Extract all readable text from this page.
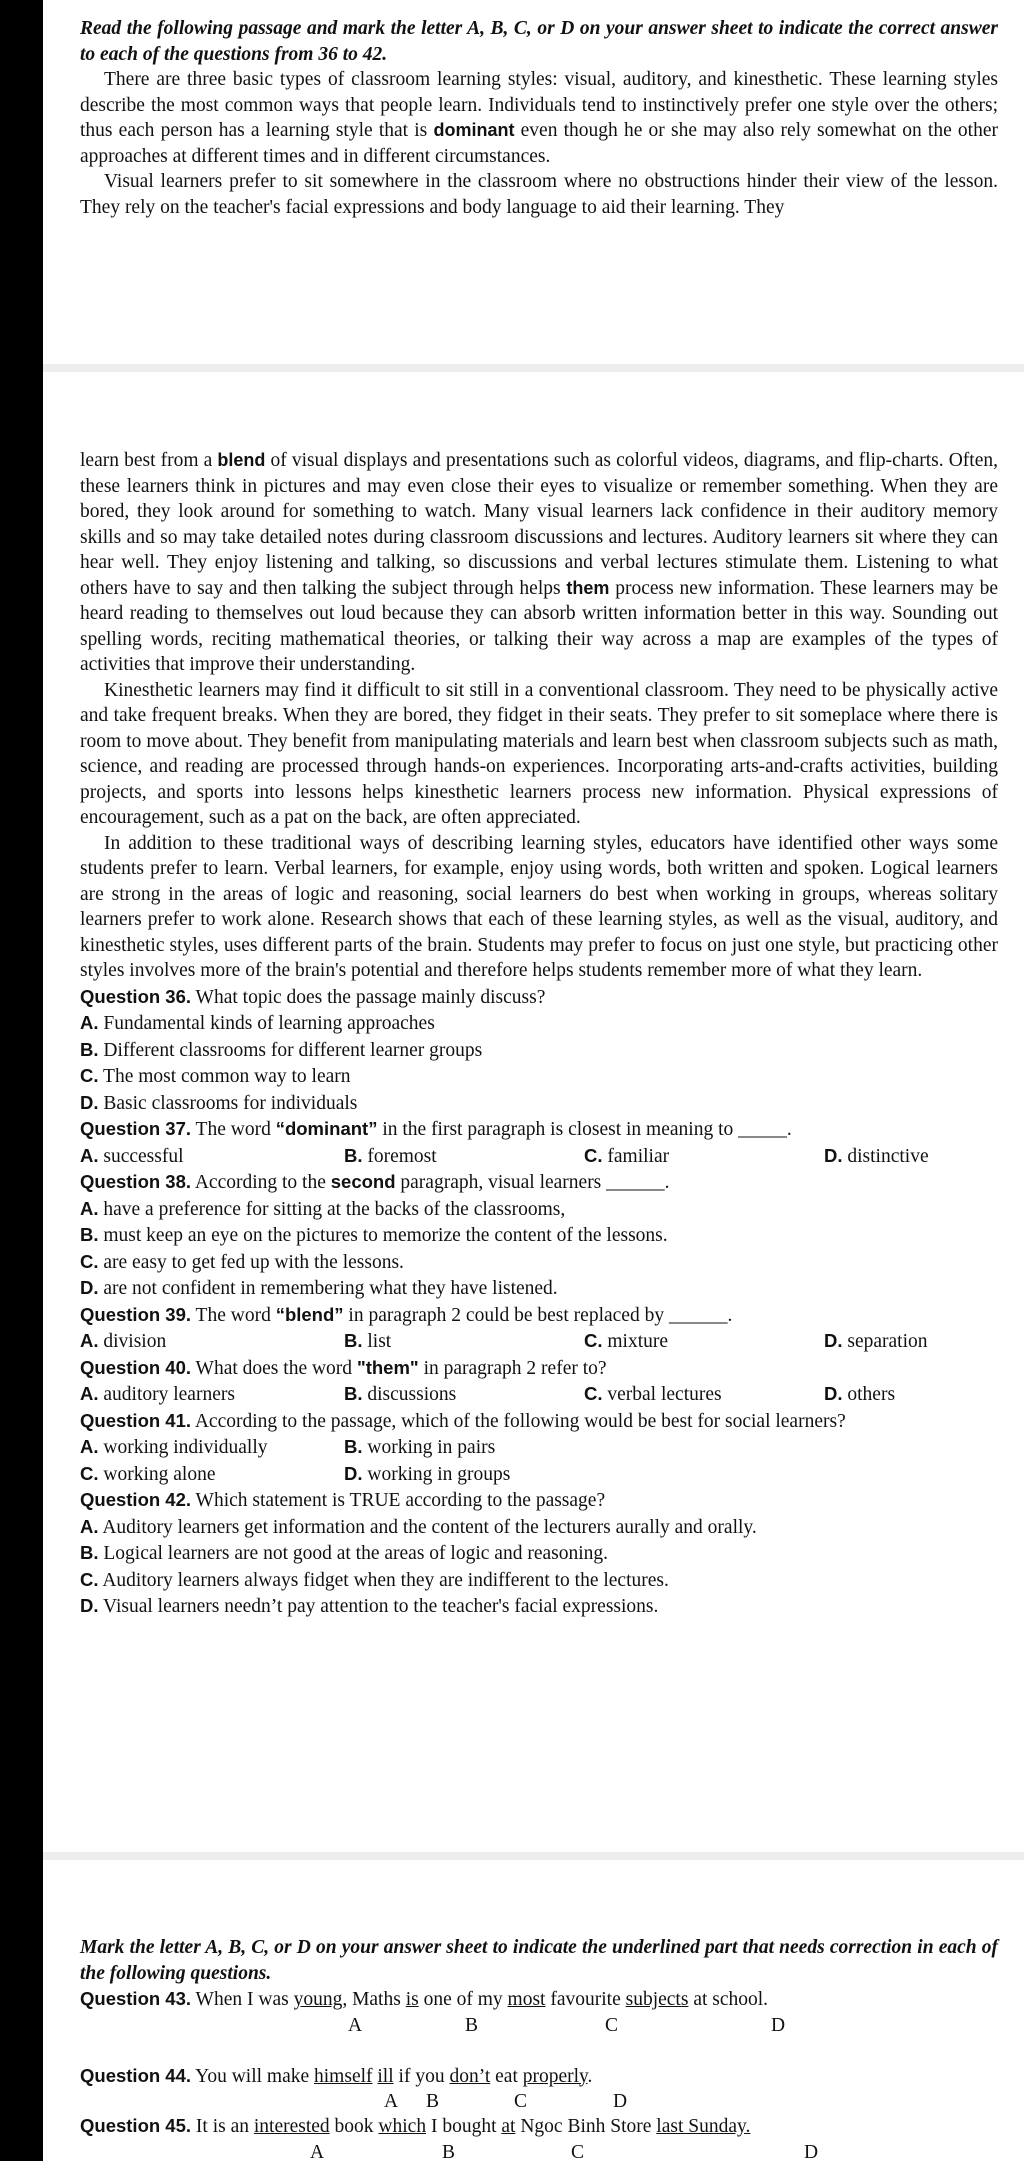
Read the following passage and mark the letter A, B, C, or D on your answer sheet to indicate the correct answer to each of the questions from 36 to 42.

There are three basic types of classroom learning styles: visual, auditory, and kinesthetic. These learning styles describe the most common ways that people learn. Individuals tend to instinctively prefer one style over the others; thus each person has a learning style that is dominant even though he or she may also rely somewhat on the other approaches at different times and in different circumstances.

Visual learners prefer to sit somewhere in the classroom where no obstructions hinder their view of the lesson. They rely on the teacher's facial expressions and body language to aid their learning. They

learn best from a blend of visual displays and presentations such as colorful videos, diagrams, and flip-charts. Often, these learners think in pictures and may even close their eyes to visualize or remember something. When they are bored, they look around for something to watch. Many visual learners lack confidence in their auditory memory skills and so may take detailed notes during classroom discussions and lectures. Auditory learners sit where they can hear well. They enjoy listening and talking, so discussions and verbal lectures stimulate them. Listening to what others have to say and then talking the subject through helps them process new information. These learners may be heard reading to themselves out loud because they can absorb written information better in this way. Sounding out spelling words, reciting mathematical theories, or talking their way across a map are examples of the types of activities that improve their understanding.

Kinesthetic learners may find it difficult to sit still in a conventional classroom. They need to be physically active and take frequent breaks. When they are bored, they fidget in their seats. They prefer to sit someplace where there is room to move about. They benefit from manipulating materials and learn best when classroom subjects such as math, science, and reading are processed through hands-on experiences. Incorporating arts-and-crafts activities, building projects, and sports into lessons helps kinesthetic learners process new information. Physical expressions of encouragement, such as a pat on the back, are often appreciated.

In addition to these traditional ways of describing learning styles, educators have identified other ways some students prefer to learn. Verbal learners, for example, enjoy using words, both written and spoken. Logical learners are strong in the areas of logic and reasoning, social learners do best when working in groups, whereas solitary learners prefer to work alone. Research shows that each of these learning styles, as well as the visual, auditory, and kinesthetic styles, uses different parts of the brain. Students may prefer to focus on just one style, but practicing other styles involves more of the brain's potential and therefore helps students remember more of what they learn.

Question 36. What topic does the passage mainly discuss?

A. Fundamental kinds of learning approaches

B. Different classrooms for different learner groups

C. The most common way to learn

D. Basic classrooms for individuals

Question 37. The word “dominant” in the first paragraph is closest in meaning to _____.

A. successful	B. foremost	C. familiar	D. distinctive

Question 38. According to the second paragraph, visual learners ______.

A. have a preference for sitting at the backs of the classrooms,

B. must keep an eye on the pictures to memorize the content of the lessons.

C. are easy to get fed up with the lessons.

D. are not confident in remembering what they have listened.

Question 39. The word “blend” in paragraph 2 could be best replaced by ______.

A. division	B. list	C. mixture	D. separation

Question 40. What does the word "them" in paragraph 2 refer to?

A. auditory learners	B. discussions	C. verbal lectures	D. others

Question 41. According to the passage, which of the following would be best for social learners?

A. working individually	B. working in pairs
C. working alone	D. working in groups

Question 42. Which statement is TRUE according to the passage?

A. Auditory learners get information and the content of the lecturers aurally and orally.

B. Logical learners are not good at the areas of logic and reasoning.

C. Auditory learners always fidget when they are indifferent to the lectures.

D. Visual learners needn’t pay attention to the teacher's facial expressions.

Mark the letter A, B, C, or D on your answer sheet to indicate the underlined part that needs correction in each of the following questions.

Question 43. When I was young, Maths is one of my most favourite subjects at school.

A	B	C	D

Question 44. You will make himself ill if you don’t eat properly.

A B	C	D

Question 45. It is an interested book which I bought at Ngoc Binh Store last Sunday.

A	B	C	D
